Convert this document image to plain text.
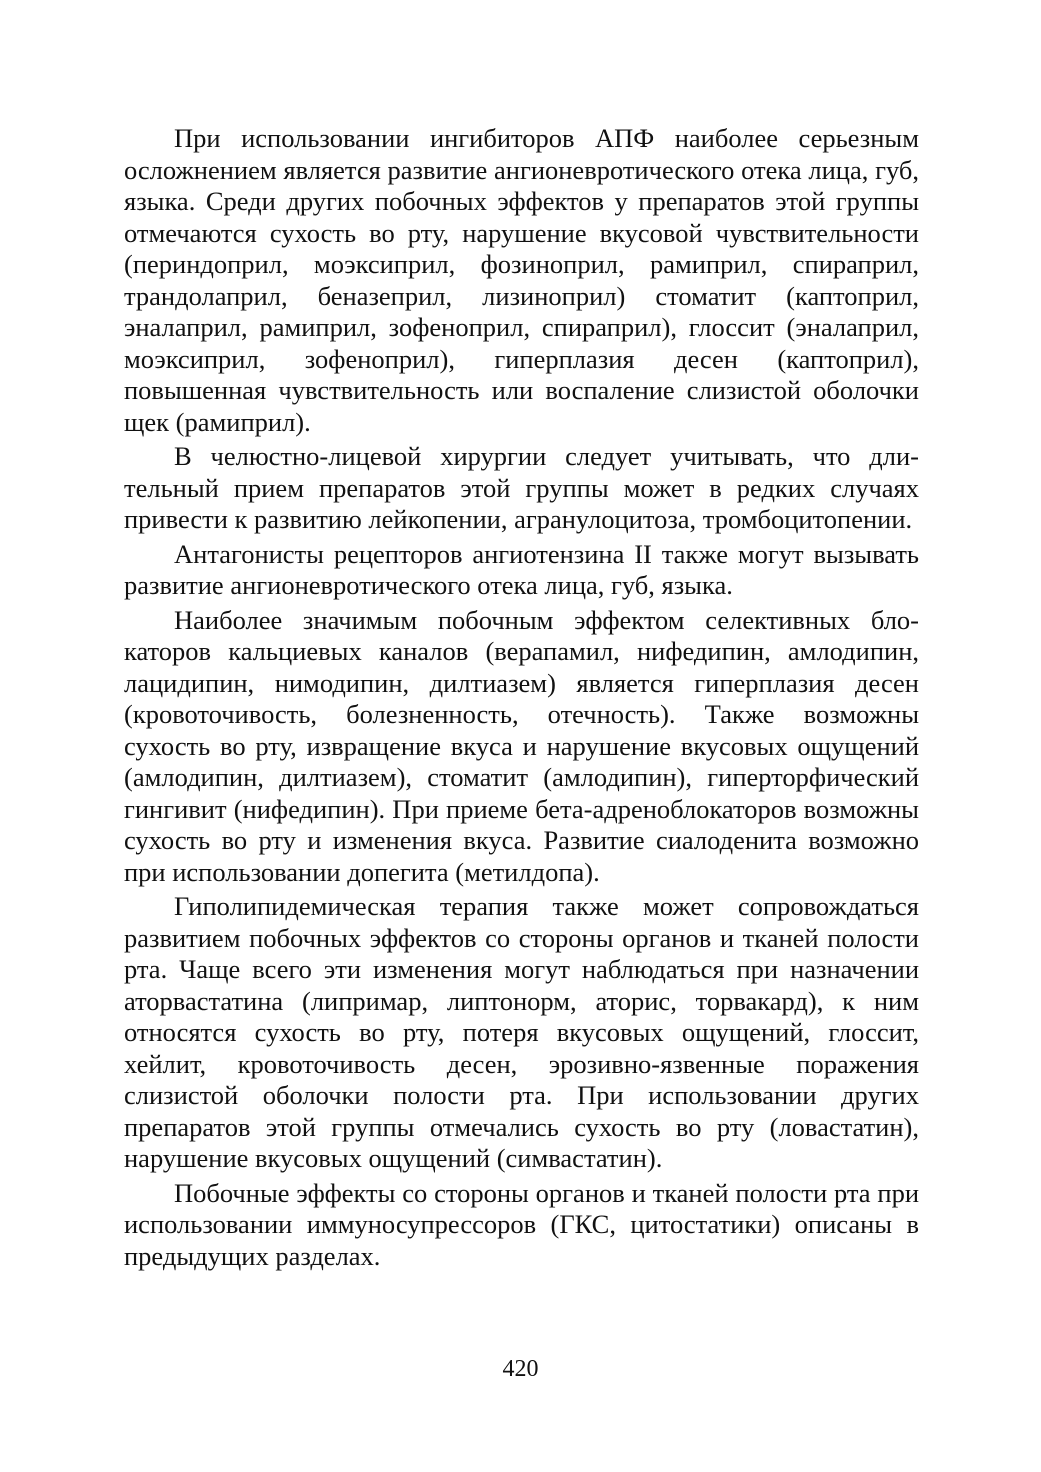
При использовании ингибиторов АПФ наиболее серьезным осложнением является развитие ангионевротического отека лица, губ, языка. Среди других побочных эффектов у препаратов этой группы отмечаются сухость во рту, нарушение вкусовой чувствительности (периндоприл, моэксиприл, фозиноприл, рамиприл, спираприл, трандолаприл, беназеприл, лизиноприл) стоматит (каптоприл, эналаприл, рамиприл, зофеноприл, спираприл), глоссит (эналаприл, моэксиприл, зофеноприл), гиперплазия десен (каптоприл), повышенная чувствительность или воспаление слизистой оболочки щек (рамиприл).

В челюстно-лицевой хирургии следует учитывать, что длительный прием препаратов этой группы может в редких случаях привести к развитию лейкопении, агранулоцитоза, тромбоцитопении.

Антагонисты рецепторов ангиотензина II также могут вызывать развитие ангионевротического отека лица, губ, языка.

Наиболее значимым побочным эффектом селективных блокаторов кальциевых каналов (верапамил, нифедипин, амлодипин, лацидипин, нимодипин, дилтиазем) является гиперплазия десен (кровоточивость, болезненность, отечность). Также возможны сухость во рту, извращение вкуса и нарушение вкусовых ощущений (амлодипин, дилтиазем), стоматит (амлодипин), гиперторфический гингивит (нифедипин). При приеме бета-адреноблокаторов возможны сухость во рту и изменения вкуса. Развитие сиалоденита возможно при использовании допегита (метилдопа).

Гиполипидемическая терапия также может сопровождаться развитием побочных эффектов со стороны органов и тканей полости рта. Чаще всего эти изменения могут наблюдаться при назначении аторвастатина (липримар, липтонорм, аторис, торвакард), к ним относятся сухость во рту, потеря вкусовых ощущений, глоссит, хейлит, кровоточивость десен, эрозивно-язвенные поражения слизистой оболочки полости рта. При использовании других препаратов этой группы отмечались сухость во рту (ловастатин), нарушение вкусовых ощущений (симвастатин).

Побочные эффекты со стороны органов и тканей полости рта при использовании иммуносупрессоров (ГКС, цитостатики) описаны в предыдущих разделах.

420
